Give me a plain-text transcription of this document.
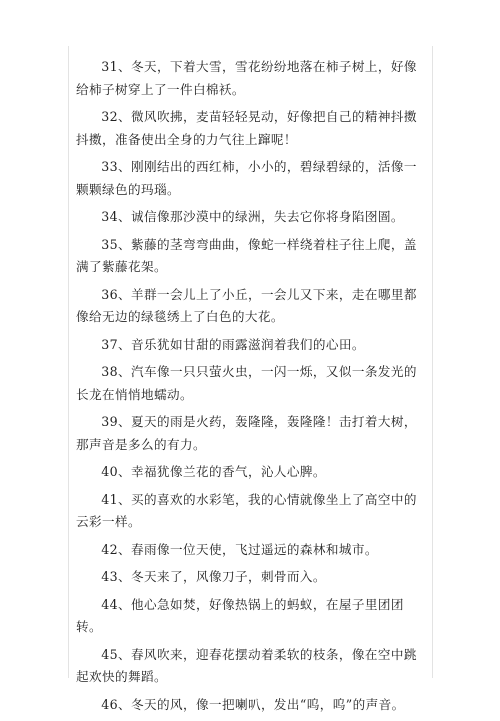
31、冬天，下着大雪，雪花纷纷地落在柿子树上，好像给柿子树穿上了一件白棉袄。

32、微风吹拂，麦苗轻轻晃动，好像把自己的精神抖擞抖擞，准备使出全身的力气往上蹿呢！

33、刚刚结出的西红柿，小小的，碧绿碧绿的，活像一颗颗绿色的玛瑙。

34、诚信像那沙漠中的绿洲，失去它你将身陷囹圄。

35、紫藤的茎弯弯曲曲，像蛇一样绕着柱子往上爬，盖满了紫藤花架。

36、羊群一会儿上了小丘，一会儿又下来，走在哪里都像给无边的绿毯绣上了白色的大花。

37、音乐犹如甘甜的雨露滋润着我们的心田。

38、汽车像一只只萤火虫，一闪一烁，又似一条发光的长龙在悄悄地蠕动。

39、夏天的雨是火药，轰隆隆，轰隆隆！击打着大树，那声音是多么的有力。

40、幸福犹像兰花的香气，沁人心脾。

41、买的喜欢的水彩笔，我的心情就像坐上了高空中的云彩一样。

42、春雨像一位天使，飞过遥远的森林和城市。

43、冬天来了，风像刀子，刺骨而入。

44、他心急如焚，好像热锅上的蚂蚁，在屋子里团团转。

45、春风吹来，迎春花摆动着柔软的枝条，像在空中跳起欢快的舞蹈。

46、冬天的风，像一把喇叭，发出“呜，呜”的声音。
